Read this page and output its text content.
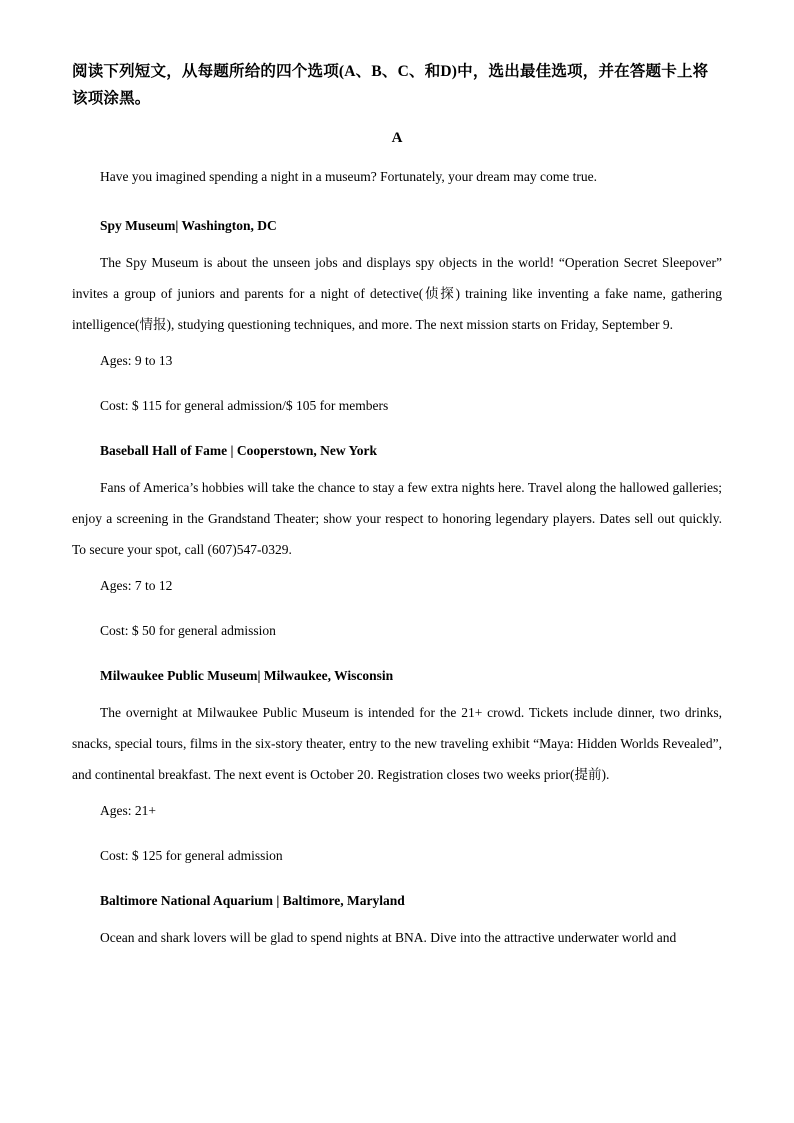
阅读下列短文，从每题所给的四个选项(A、B、C、和D)中，选出最佳选项，并在答题卡上将该项涂黑。

A

Have you imagined spending a night in a museum? Fortunately, your dream may come true.

Spy Museum| Washington, DC

The Spy Museum is about the unseen jobs and displays spy objects in the world! “Operation Secret Sleepover” invites a group of juniors and parents for a night of detective(侦探) training like inventing a fake name, gathering intelligence(情报), studying questioning techniques, and more. The next mission starts on Friday, September 9.

Ages: 9 to 13

Cost: $ 115 for general admission/$ 105 for members

Baseball Hall of Fame | Cooperstown, New York

Fans of America’s hobbies will take the chance to stay a few extra nights here. Travel along the hallowed galleries; enjoy a screening in the Grandstand Theater; show your respect to honoring legendary players. Dates sell out quickly. To secure your spot, call (607)547-0329.

Ages: 7 to 12

Cost: $ 50 for general admission

Milwaukee Public Museum| Milwaukee, Wisconsin

The overnight at Milwaukee Public Museum is intended for the 21+ crowd. Tickets include dinner, two drinks, snacks, special tours, films in the six-story theater, entry to the new traveling exhibit “Maya: Hidden Worlds Revealed”, and continental breakfast. The next event is October 20. Registration closes two weeks prior(提前).

Ages: 21+

Cost: $ 125 for general admission

Baltimore National Aquarium | Baltimore, Maryland

Ocean and shark lovers will be glad to spend nights at BNA. Dive into the attractive underwater world and
